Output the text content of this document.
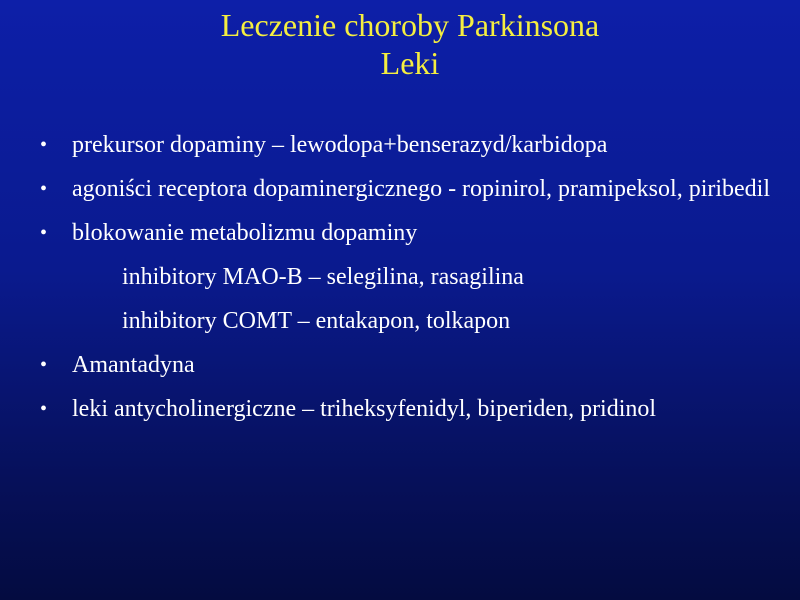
Leczenie choroby Parkinsona
Leki
•	prekursor dopaminy – lewodopa+benserazyd/karbidopa
•	agoniści receptora dopaminergicznego - ropinirol, pramipeksol, piribedil
•	blokowanie metabolizmu dopaminy
inhibitory MAO-B – selegilina, rasagilina
inhibitory COMT – entakapon, tolkapon
•	Amantadyna
•	leki antycholinergiczne – triheksyfenidyl, biperiden, pridinol
